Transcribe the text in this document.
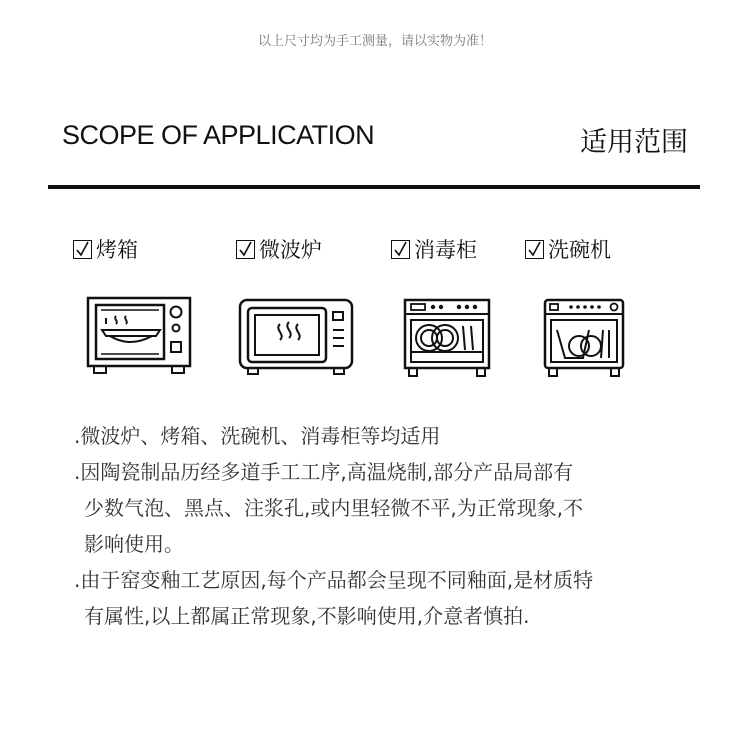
以上尺寸均为手工测量，请以实物为准！
SCOPE OF APPLICATION	适用范围
烤箱	微波炉	消毒柜	洗碗机

.微波炉、烤箱、洗碗机、消毒柜等均适用

.因陶瓷制品历经多道手工工序,高温烧制,部分产品局部有

少数气泡、黑点、注浆孔,或内里轻微不平,为正常现象,不

影响使用。

.由于窑变釉工艺原因,每个产品都会呈现不同釉面,是材质特

有属性,以上都属正常现象,不影响使用,介意者慎拍.
